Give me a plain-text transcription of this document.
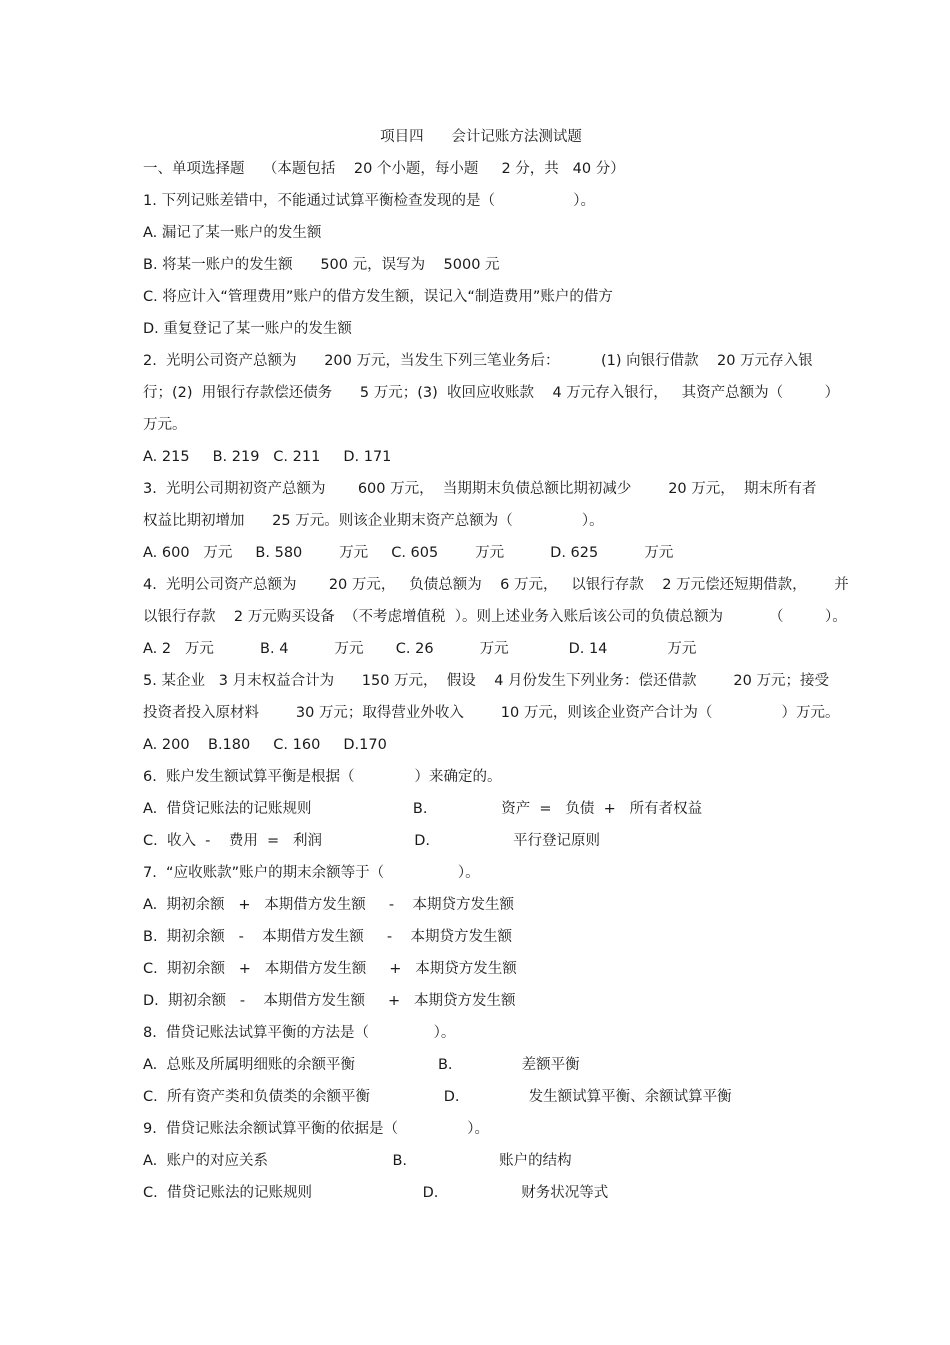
项目四      会计记账方法测试题
一、单项选择题    （本题包括    20 个小题，每小题     2 分，共   40 分）
1. 下列记账差错中，不能通过试算平衡检查发现的是（                 ）。
A. 漏记了某一账户的发生额
B. 将某一账户的发生额      500 元，误写为    5000 元
C. 将应计入“管理费用”账户的借方发生额，误记入“制造费用”账户的借方
D. 重复登记了某一账户的发生额
2.  光明公司资产总额为      200 万元，当发生下列三笔业务后：         (1) 向银行借款    20 万元存入银
行；(2)  用银行存款偿还债务      5 万元；(3)  收回应收账款    4 万元存入银行，   其资产总额为（         ）
万元。
A. 215     B. 219   C. 211     D. 171
3.  光明公司期初资产总额为       600 万元，  当期期末负债总额比期初减少        20 万元，  期末所有者
权益比期初增加      25 万元。则该企业期末资产总额为（               ）。
A. 600   万元     B. 580        万元     C. 605        万元          D. 625          万元
4.  光明公司资产总额为       20 万元，   负债总额为    6 万元，   以银行存款    2 万元偿还短期借款，      并
以银行存款    2 万元购买设备  （不考虑增值税  ）。则上述业务入账后该公司的负债总额为          （         ）。
A. 2   万元          B. 4          万元       C. 26          万元             D. 14             万元
5. 某企业   3 月末权益合计为      150 万元，  假设    4 月份发生下列业务：偿还借款        20 万元；接受
投资者投入原材料        30 万元；取得营业外收入        10 万元，则该企业资产合计为（               ）万元。
A. 200    B.180     C. 160     D.170
6.  账户发生额试算平衡是根据（             ）来确定的。
A.  借贷记账法的记账规则                      B.                资产  =   负债  +   所有者权益
C.  收入  -    费用  =   利润                    D.                  平行登记原则
7.  “应收账款”账户的期末余额等于（                ）。
A.  期初余额   +   本期借方发生额     -    本期贷方发生额
B.  期初余额   -    本期借方发生额     -    本期贷方发生额
C.  期初余额   +   本期借方发生额     +   本期贷方发生额
D.  期初余额   -    本期借方发生额     +   本期贷方发生额
8.  借贷记账法试算平衡的方法是（              ）。
A.  总账及所属明细账的余额平衡                  B.               差额平衡
C.  所有资产类和负债类的余额平衡                D.               发生额试算平衡、余额试算平衡
9.  借贷记账法余额试算平衡的依据是（               ）。
A.  账户的对应关系                           B.                    账户的结构
C.  借贷记账法的记账规则                        D.                  财务状况等式
